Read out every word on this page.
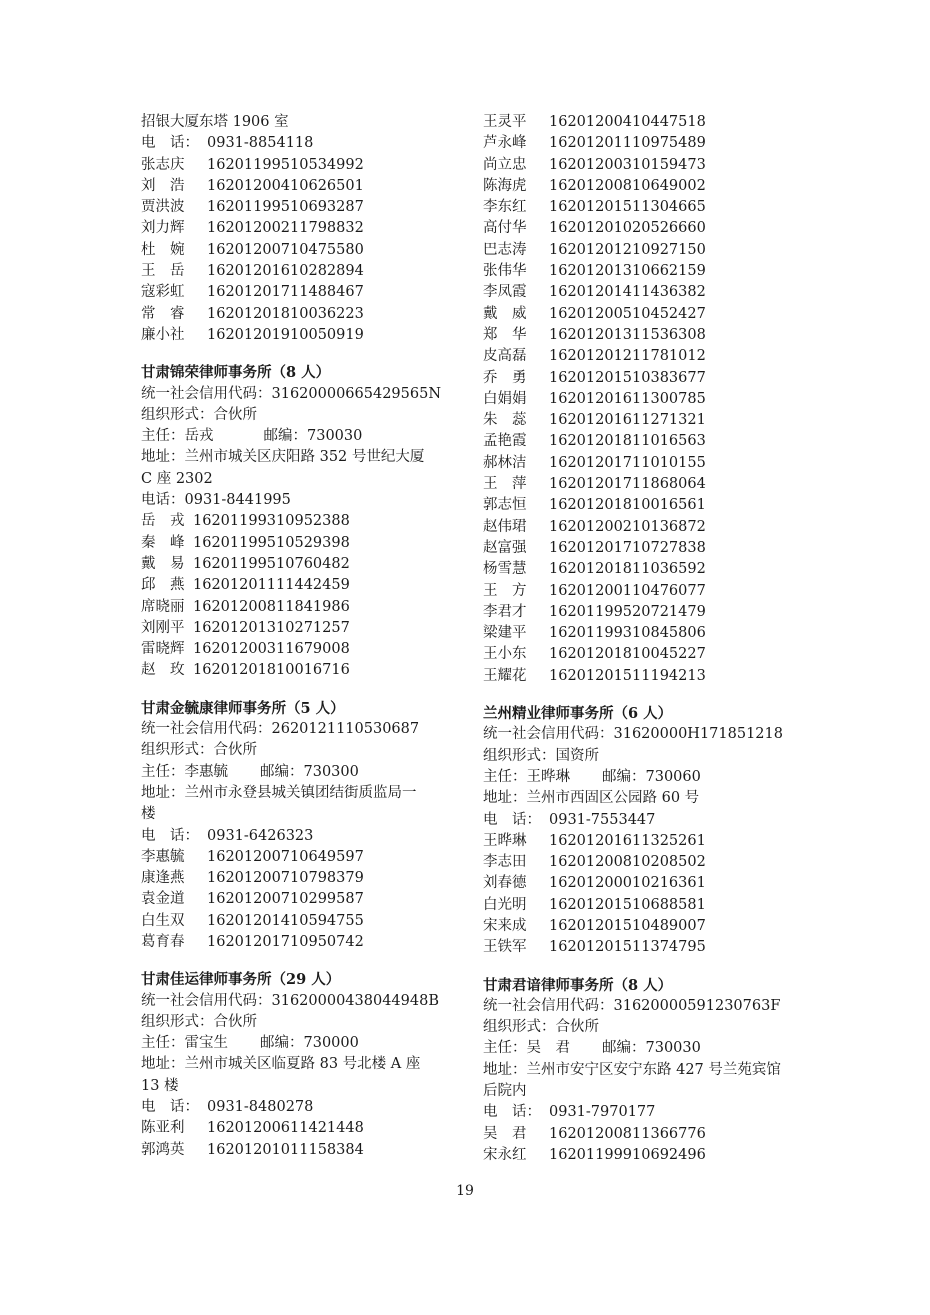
招银大厦东塔 1906 室
电　话： 0931-8854118
张志庆 16201199510534992
刘　浩 16201200410626501
贾洪波 16201199510693287
刘力辉 16201200211798832
杜　婉 16201200710475580
王　岳 16201201610282894
寇彩虹 16201201711488467
常　睿 16201201810036223
廉小社 16201201910050919
甘肃锦荣律师事务所（8 人）
统一社会信用代码：31620000665429565N
组织形式：合伙所
主任：岳戎	邮编：730030
地址：兰州市城关区庆阳路 352 号世纪大厦
C 座 2302
电话：0931-8441995
岳　戎 16201199310952388
秦　峰 16201199510529398
戴　易 16201199510760482
邱　燕 16201201111442459
席晓丽 16201200811841986
刘刚平 16201201310271257
雷晓辉 16201200311679008
赵　玫 16201201810016716
甘肃金毓康律师事务所（5 人）
统一社会信用代码：2620121110530687
组织形式：合伙所
主任：李惠毓 邮编：730300
地址：兰州市永登县城关镇团结街质监局一
楼
电　话： 0931-6426323
李惠毓 16201200710649597
康逢燕 16201200710798379
袁金道 16201200710299587
白生双 16201201410594755
葛育春 16201201710950742
甘肃佳运律师事务所（29 人）
统一社会信用代码：31620000438044948B
组织形式：合伙所
主任：雷宝生 邮编：730000
地址：兰州市城关区临夏路 83 号北楼 A 座
13 楼
电　话： 0931-8480278
陈亚利 16201200611421448
郭鸿英 16201201011158384
王灵平 16201200410447518
芦永峰 16201201110975489
尚立忠 16201200310159473
陈海虎 16201200810649002
李东红 16201201511304665
高付华 16201201020526660
巴志涛 16201201210927150
张伟华 16201201310662159
李凤霞 16201201411436382
戴　威 16201200510452427
郑　华 16201201311536308
皮高磊 16201201211781012
乔　勇 16201201510383677
白娟娟 16201201611300785
朱　蕊 16201201611271321
孟艳霞 16201201811016563
郝林洁 16201201711010155
王　萍 16201201711868064
郭志恒 16201201810016561
赵伟珺 16201200210136872
赵富强 16201201710727838
杨雪慧 16201201811036592
王　方 16201200110476077
李君才 16201199520721479
梁建平 16201199310845806
王小东 16201201810045227
王耀花 16201201511194213
兰州精业律师事务所（6 人）
统一社会信用代码：31620000H171851218
组织形式：国资所
主任：王晔琳 邮编：730060
地址：兰州市西固区公园路 60 号
电　话： 0931-7553447
王晔琳 16201201611325261
李志田 16201200810208502
刘春德 16201200010216361
白光明 16201201510688581
宋来成 16201201510489007
王铁军 16201201511374795
甘肃君谙律师事务所（8 人）
统一社会信用代码：31620000591230763F
组织形式：合伙所
主任：吴　君 邮编：730030
地址：兰州市安宁区安宁东路 427 号兰苑宾馆
后院内
电　话： 0931-7970177
吴　君 16201200811366776
宋永红 16201199910692496
19
